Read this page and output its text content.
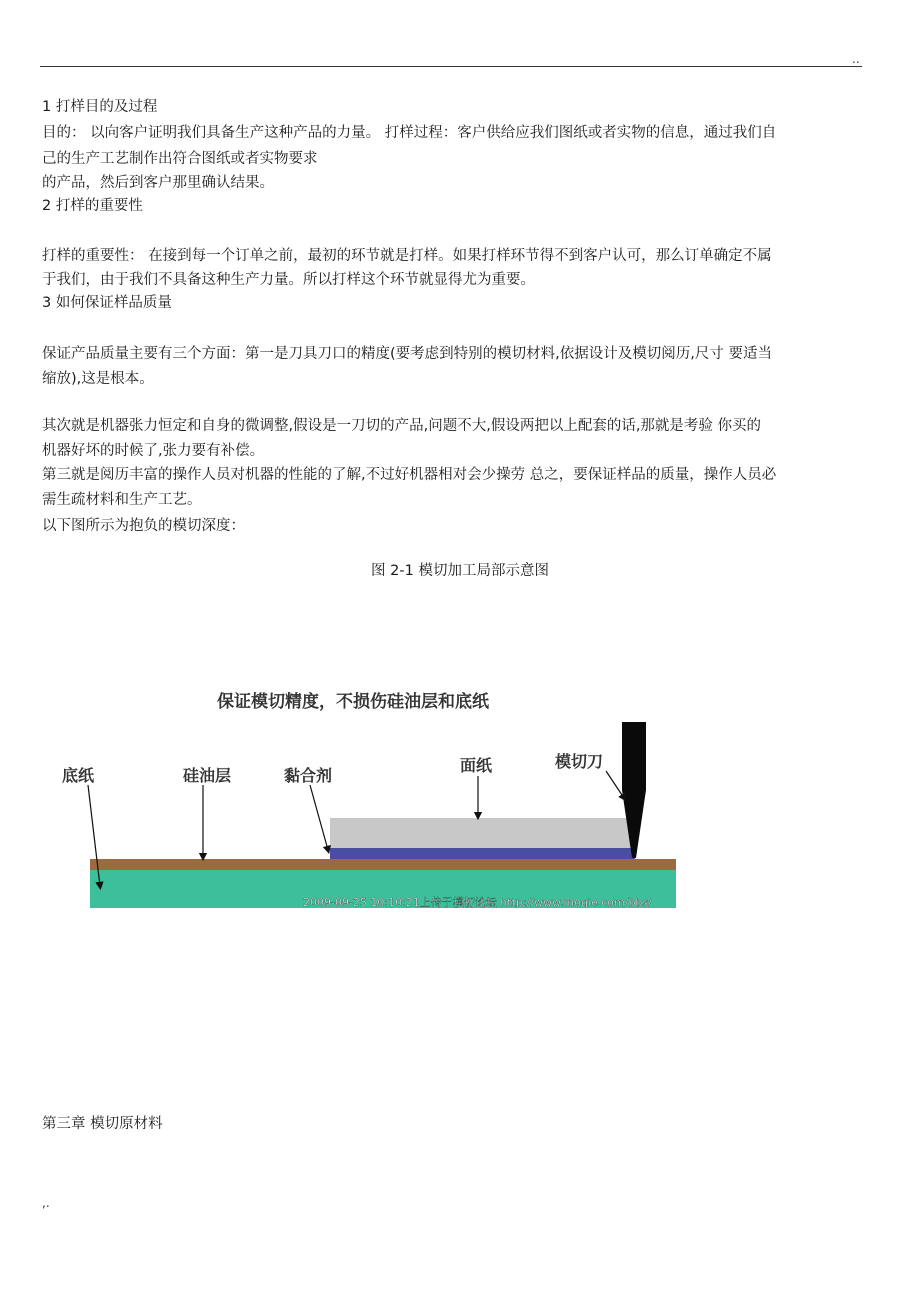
..
1 打样目的及过程
目的： 以向客户证明我们具备生产这种产品的力量。 打样过程：客户供给应我们图纸或者实物的信息，通过我们自
己的生产工艺制作出符合图纸或者实物要求
的产品，然后到客户那里确认结果。
2 打样的重要性
打样的重要性： 在接到每一个订单之前，最初的环节就是打样。如果打样环节得不到客户认可，那么订单确定不属
于我们，由于我们不具备这种生产力量。所以打样这个环节就显得尤为重要。
3 如何保证样品质量
保证产品质量主要有三个方面：第一是刀具刀口的精度(要考虑到特别的模切材料,依据设计及模切阅历,尺寸 要适当
缩放),这是根本。
其次就是机器张力恒定和自身的微调整,假设是一刀切的产品,问题不大,假设两把以上配套的话,那就是考验 你买的
机器好坏的时候了,张力要有补偿。
第三就是阅历丰富的操作人员对机器的性能的了解,不过好机器相对会少操劳 总之，要保证样品的质量，操作人员必
需生疏材料和生产工艺。
以下图所示为抱负的模切深度：
图 2-1 模切加工局部示意图
保证模切精度，不损伤硅油层和底纸
底纸	硅油层	黏合剂
面纸	模切刀
2009-09-25 10:10:21上传于模切论坛 http://www.moqie.com/bbs/
第三章 模切原材料
,.
